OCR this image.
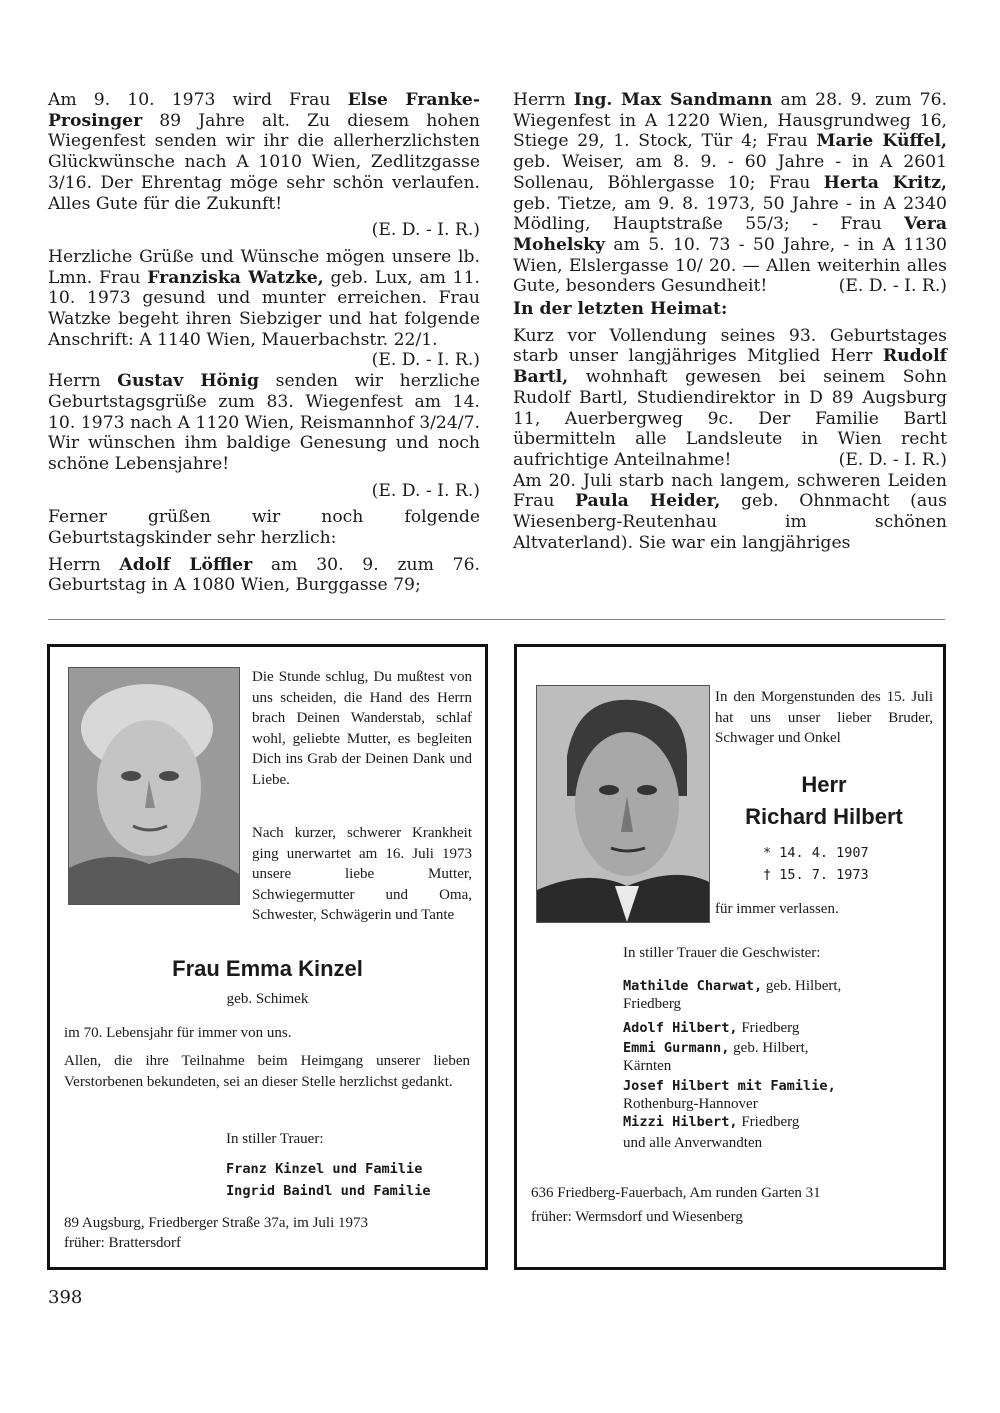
Am 9. 10. 1973 wird Frau Else Franke-Prosinger 89 Jahre alt. Zu diesem hohen Wiegenfest senden wir ihr die allerherzlichsten Glückwünsche nach A 1010 Wien, Zedlitzgasse 3/16. Der Ehrentag möge sehr schön verlaufen. Alles Gute für die Zukunft!

(E. D. - I. R.)

Herzliche Grüße und Wünsche mögen unsere lb. Lmn. Frau Franziska Watzke, geb. Lux, am 11. 10. 1973 gesund und munter erreichen. Frau Watzke begeht ihren Siebziger und hat folgende Anschrift: A 1140 Wien, Mauerbachstr. 22/1.
(E. D. - I. R.)

Herrn Gustav Hönig senden wir herzliche Geburtstagsgrüße zum 83. Wiegenfest am 14. 10. 1973 nach A 1120 Wien, Reismannhof 3/24/7. Wir wünschen ihm baldige Genesung und noch schöne Lebensjahre!

(E. D. - I. R.)

Ferner grüßen wir noch folgende Geburtstagskinder sehr herzlich:

Herrn Adolf Löffler am 30. 9. zum 76. Geburtstag in A 1080 Wien, Burggasse 79;

Herrn Ing. Max Sandmann am 28. 9. zum 76. Wiegenfest in A 1220 Wien, Hausgrundweg 16, Stiege 29, 1. Stock, Tür 4; Frau Marie Küffel, geb. Weiser, am 8. 9. - 60 Jahre - in A 2601 Sollenau, Böhlergasse 10; Frau Herta Kritz, geb. Tietze, am 9. 8. 1973, 50 Jahre - in A 2340 Mödling, Hauptstraße 55/3; - Frau Vera Mohelsky am 5. 10. 73 - 50 Jahre, - in A 1130 Wien, Elslergasse 10/ 20. — Allen weiterhin alles Gute, besonders Gesundheit!	(E. D. - I. R.)

In der letzten Heimat:

Kurz vor Vollendung seines 93. Geburtstages starb unser langjähriges Mitglied Herr Rudolf Bartl, wohnhaft gewesen bei seinem Sohn Rudolf Bartl, Studiendirektor in D 89 Augsburg 11, Auerbergweg 9c. Der Familie Bartl übermitteln alle Landsleute in Wien recht aufrichtige Anteilnahme!	(E. D. - I. R.)

Am 20. Juli starb nach langem, schweren Leiden Frau Paula Heider, geb. Ohnmacht (aus Wiesenberg-Reutenhau im schönen Altvaterland). Sie war ein langjähriges

Die Stunde schlug, Du mußtest von uns scheiden, die Hand des Herrn brach Deinen Wanderstab, schlaf wohl, geliebte Mutter, es begleiten Dich ins Grab der Deinen Dank und Liebe.
Nach kurzer, schwerer Krankheit ging unerwartet am 16. Juli 1973 unsere liebe Mutter, Schwiegermutter und Oma, Schwester, Schwägerin und Tante
Frau Emma Kinzel
geb. Schimek
im 70. Lebensjahr für immer von uns.
Allen, die ihre Teilnahme beim Heimgang unserer lieben Verstorbenen bekundeten, sei an dieser Stelle herzlichst gedankt.
In stiller Trauer:
Franz Kinzel und Familie
Ingrid Baindl und Familie
89 Augsburg, Friedberger Straße 37a, im Juli 1973
früher: Brattersdorf
In den Morgenstunden des 15. Juli hat uns unser lieber Bruder, Schwager und Onkel
Herr
Richard Hilbert
* 14. 4. 1907
† 15. 7. 1973
für immer verlassen.
In stiller Trauer die Geschwister:
Mathilde Charwat, geb. Hilbert,
Friedberg
Adolf Hilbert, Friedberg
Emmi Gurmann, geb. Hilbert,
Kärnten
Josef Hilbert mit Familie,
Rothenburg-Hannover
Mizzi Hilbert, Friedberg
und alle Anverwandten
636 Friedberg-Fauerbach, Am runden Garten 31
früher: Wermsdorf und Wiesenberg
398
